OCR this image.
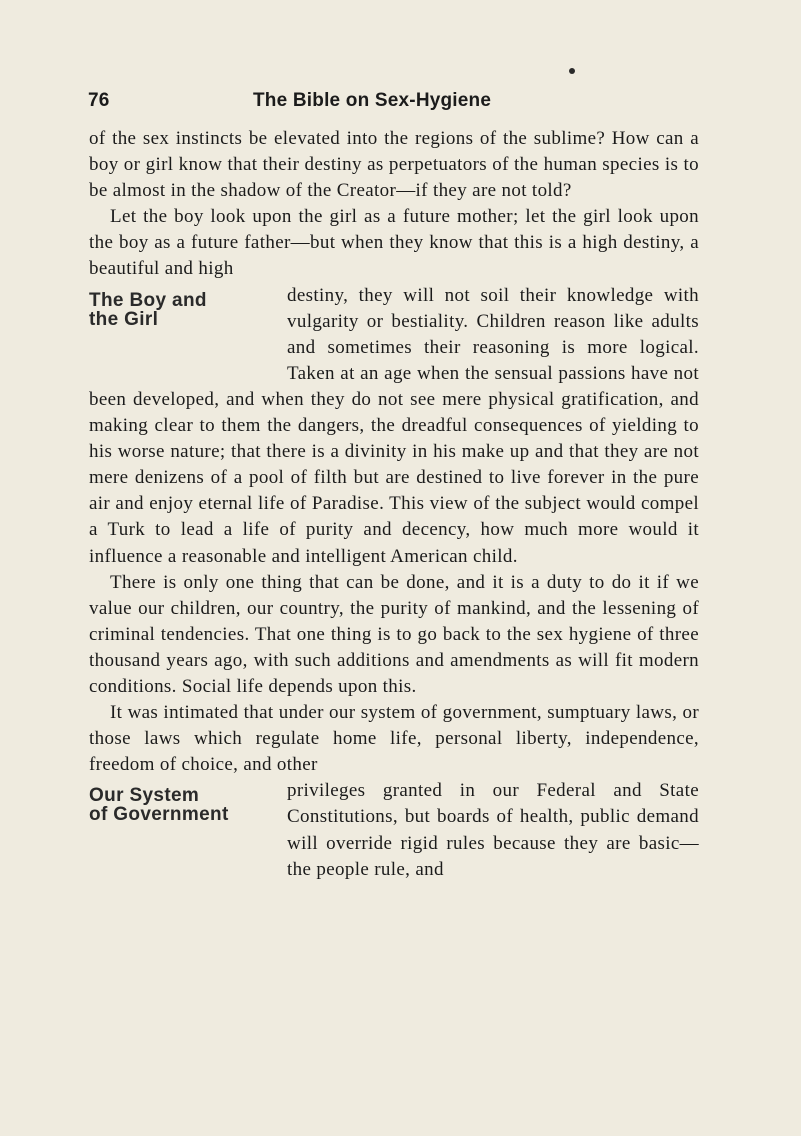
76	The Bible on Sex-Hygiene

of the sex instincts be elevated into the regions of the sublime? How can a boy or girl know that their destiny as perpetuators of the human species is to be almost in the shadow of the Creator—if they are not told?

Let the boy look upon the girl as a future mother; let the girl look upon the boy as a future father—but when they know that this is a high destiny, a beautiful and high

The Boy and
the Girl

destiny, they will not soil their knowledge with vulgarity or bestiality. Children reason like adults and sometimes their reasoning is more logical. Taken at an age when the sensual passions have not been developed, and when they do not see mere physical gratification, and making clear to them the dangers, the dreadful consequences of yielding to his worse nature; that there is a divinity in his make up and that they are not mere denizens of a pool of filth but are destined to live forever in the pure air and enjoy eternal life of Paradise. This view of the subject would compel a Turk to lead a life of purity and decency, how much more would it influence a reasonable and intelligent American child.

There is only one thing that can be done, and it is a duty to do it if we value our children, our country, the purity of mankind, and the lessening of criminal tendencies. That one thing is to go back to the sex hygiene of three thousand years ago, with such additions and amendments as will fit modern conditions. Social life depends upon this.

It was intimated that under our system of government, sumptuary laws, or those laws which regulate home life, personal liberty, independence, freedom of choice, and other

Our System
of Government

privileges granted in our Federal and State Constitutions, but boards of health, public demand will override rigid rules because they are basic—the people rule, and
